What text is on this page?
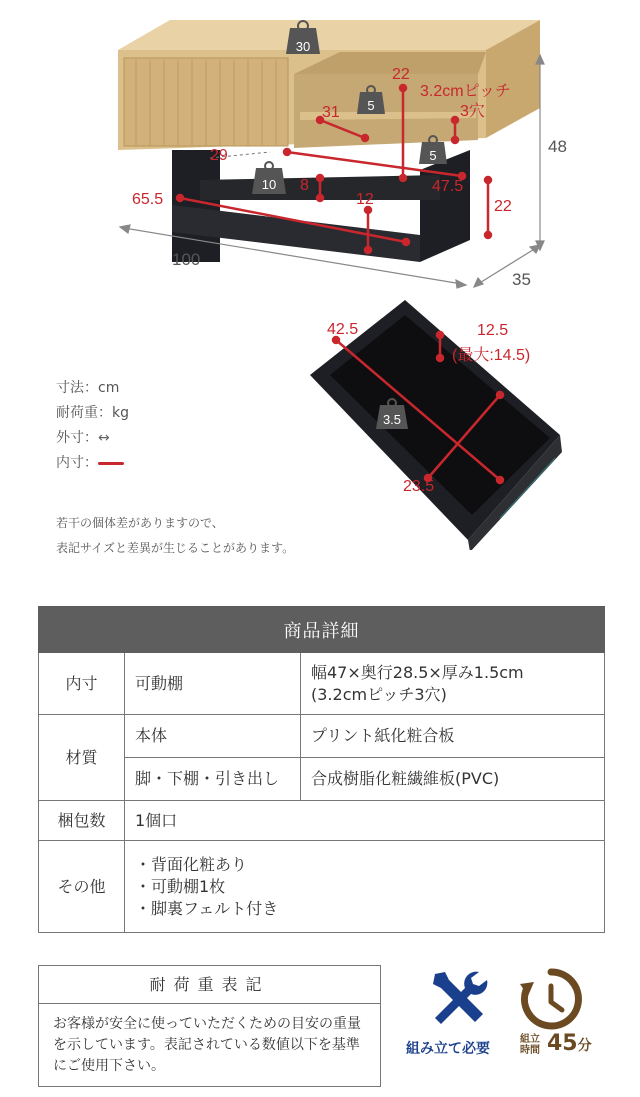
30
5
5
10
48
100
35
22
3.2cmピッチ
3穴
31
29
8	47.5
65.5	12	22
3.5
42.5	12.5
(最大:14.5)
23.5
寸法：cm
耐荷重：kg
外寸：↔
内寸：
若干の個体差がありますので、
表記サイズと差異が生じることがあります。
商品詳細		
内寸	可動棚	幅47×奥行28.5×厚み1.5cm
(3.2cmピッチ3穴)

材質	本体	プリント紙化粧合板
	脚・下棚・引き出し	合成樹脂化粧繊維板(PVC)
梱包数	1個口	
その他	・背面化粧あり
・可動棚1枚
・脚裏フェルト付き	
耐荷重表記
お客様が安全に使っていただくための目安の重量を示しています。表記されている数値以下を基準にご使用下さい。
組み立て必要
組立
時間 45分
